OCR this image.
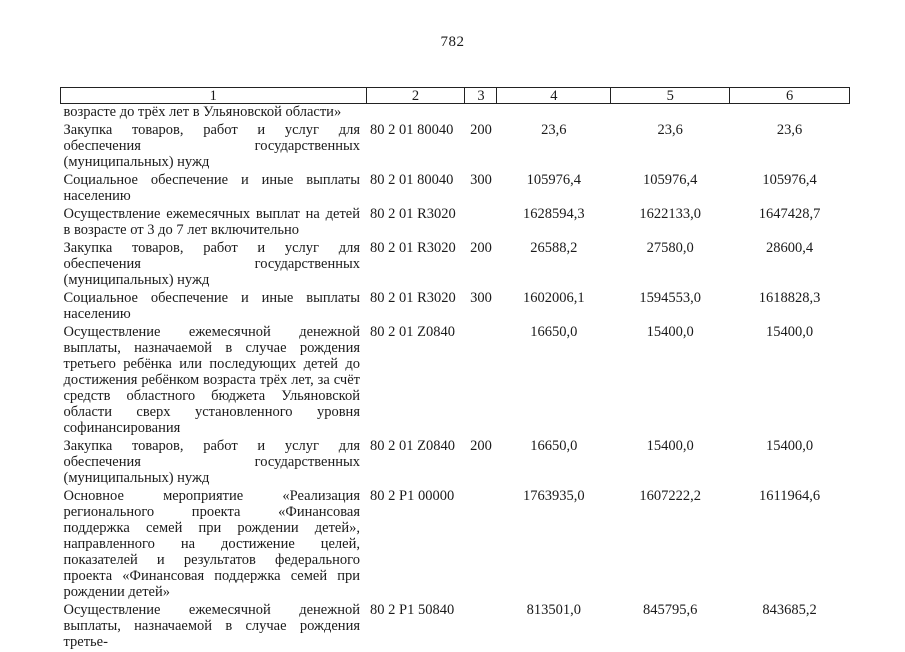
782
1	2	3	4	5	6
возрасте до трёх лет в Ульяновской области»					
Закупка товаров, работ и услуг для обеспечения государственных (муниципальных) нужд	80 2 01 80040	200	23,6	23,6	23,6
Социальное обеспечение и иные выплаты населению	80 2 01 80040	300	105976,4	105976,4	105976,4
Осуществление ежемесячных выплат на детей в возрасте от 3 до 7 лет включительно	80 2 01 R3020		1628594,3	1622133,0	1647428,7
Закупка товаров, работ и услуг для обеспечения государственных (муниципальных) нужд	80 2 01 R3020	200	26588,2	27580,0	28600,4
Социальное обеспечение и иные выплаты населению	80 2 01 R3020	300	1602006,1	1594553,0	1618828,3
Осуществление ежемесячной денежной выплаты, назначаемой в случае рождения третьего ребёнка или последующих детей до достижения ребёнком возраста трёх лет, за счёт средств областного бюджета Ульяновской области сверх установленного уровня софинансирования	80 2 01 Z0840		16650,0	15400,0	15400,0
Закупка товаров, работ и услуг для обеспечения государственных (муниципальных) нужд	80 2 01 Z0840	200	16650,0	15400,0	15400,0
Основное мероприятие «Реализация регионального проекта «Финансовая поддержка семей при рождении детей», направленного на достижение целей, показателей и результатов федерального проекта «Финансовая поддержка семей при рождении детей»	80 2 P1 00000		1763935,0	1607222,2	1611964,6
Осуществление ежемесячной денежной выплаты, назначаемой в случае рождения третье-	80 2 P1 50840		813501,0	845795,6	843685,2
